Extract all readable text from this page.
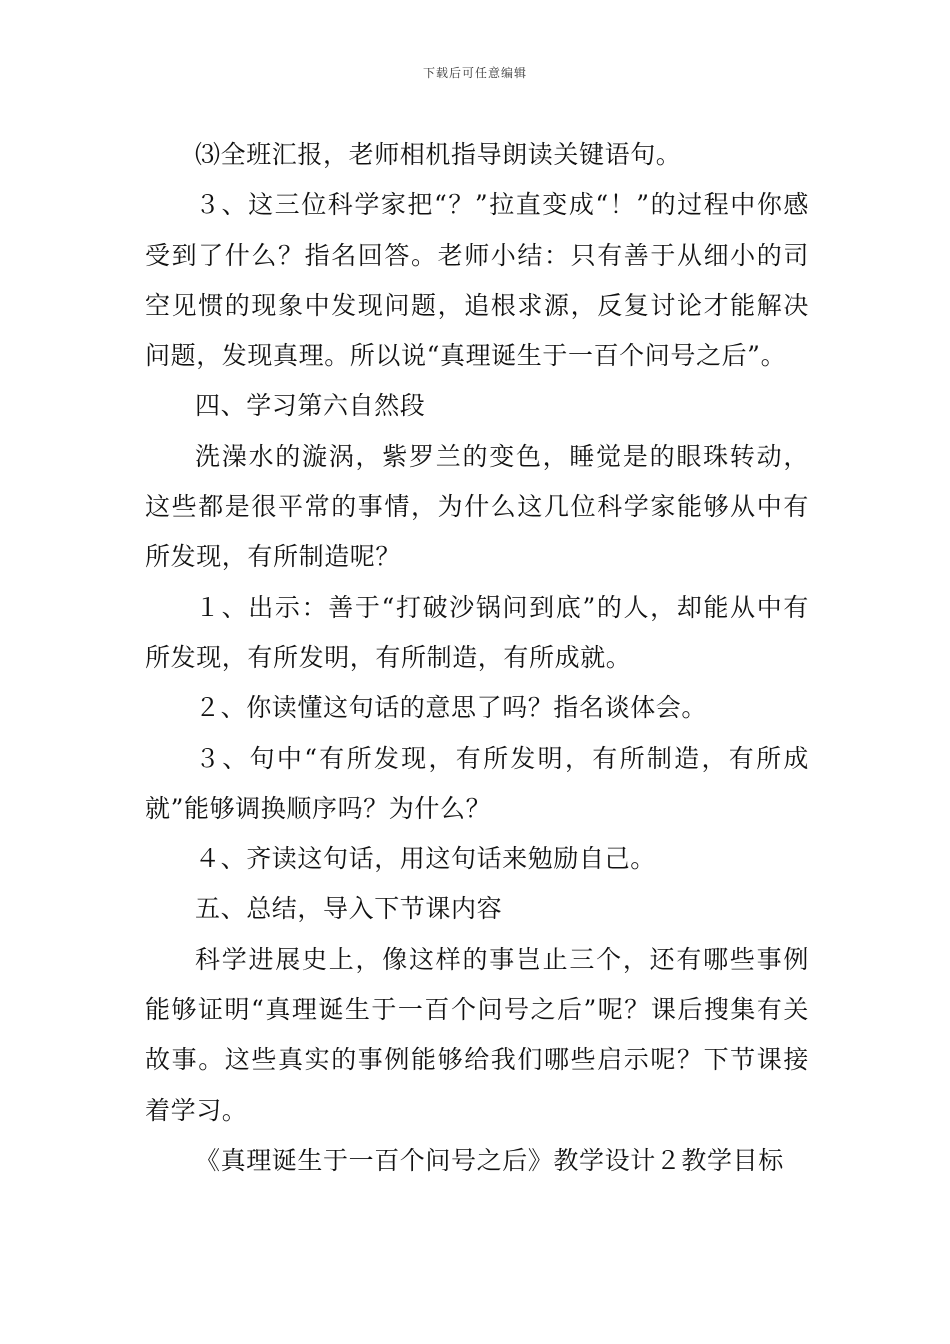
下载后可任意编辑

⑶全班汇报，老师相机指导朗读关键语句。

３、这三位科学家把“？”拉直变成“！”的过程中你感受到了什么？指名回答。老师小结：只有善于从细小的司空见惯的现象中发现问题，追根求源，反复讨论才能解决问题，发现真理。所以说“真理诞生于一百个问号之后”。

四、学习第六自然段

洗澡水的漩涡，紫罗兰的变色，睡觉是的眼珠转动，这些都是很平常的事情，为什么这几位科学家能够从中有所发现，有所制造呢？

１、出示：善于“打破沙锅问到底”的人，却能从中有所发现，有所发明，有所制造，有所成就。

２、你读懂这句话的意思了吗？指名谈体会。

３、句中“有所发现，有所发明，有所制造，有所成就”能够调换顺序吗？为什么？

４、齐读这句话，用这句话来勉励自己。

五、总结，导入下节课内容

科学进展史上，像这样的事岂止三个，还有哪些事例能够证明“真理诞生于一百个问号之后”呢？课后搜集有关故事。这些真实的事例能够给我们哪些启示呢？下节课接着学习。

《真理诞生于一百个问号之后》教学设计２教学目标
